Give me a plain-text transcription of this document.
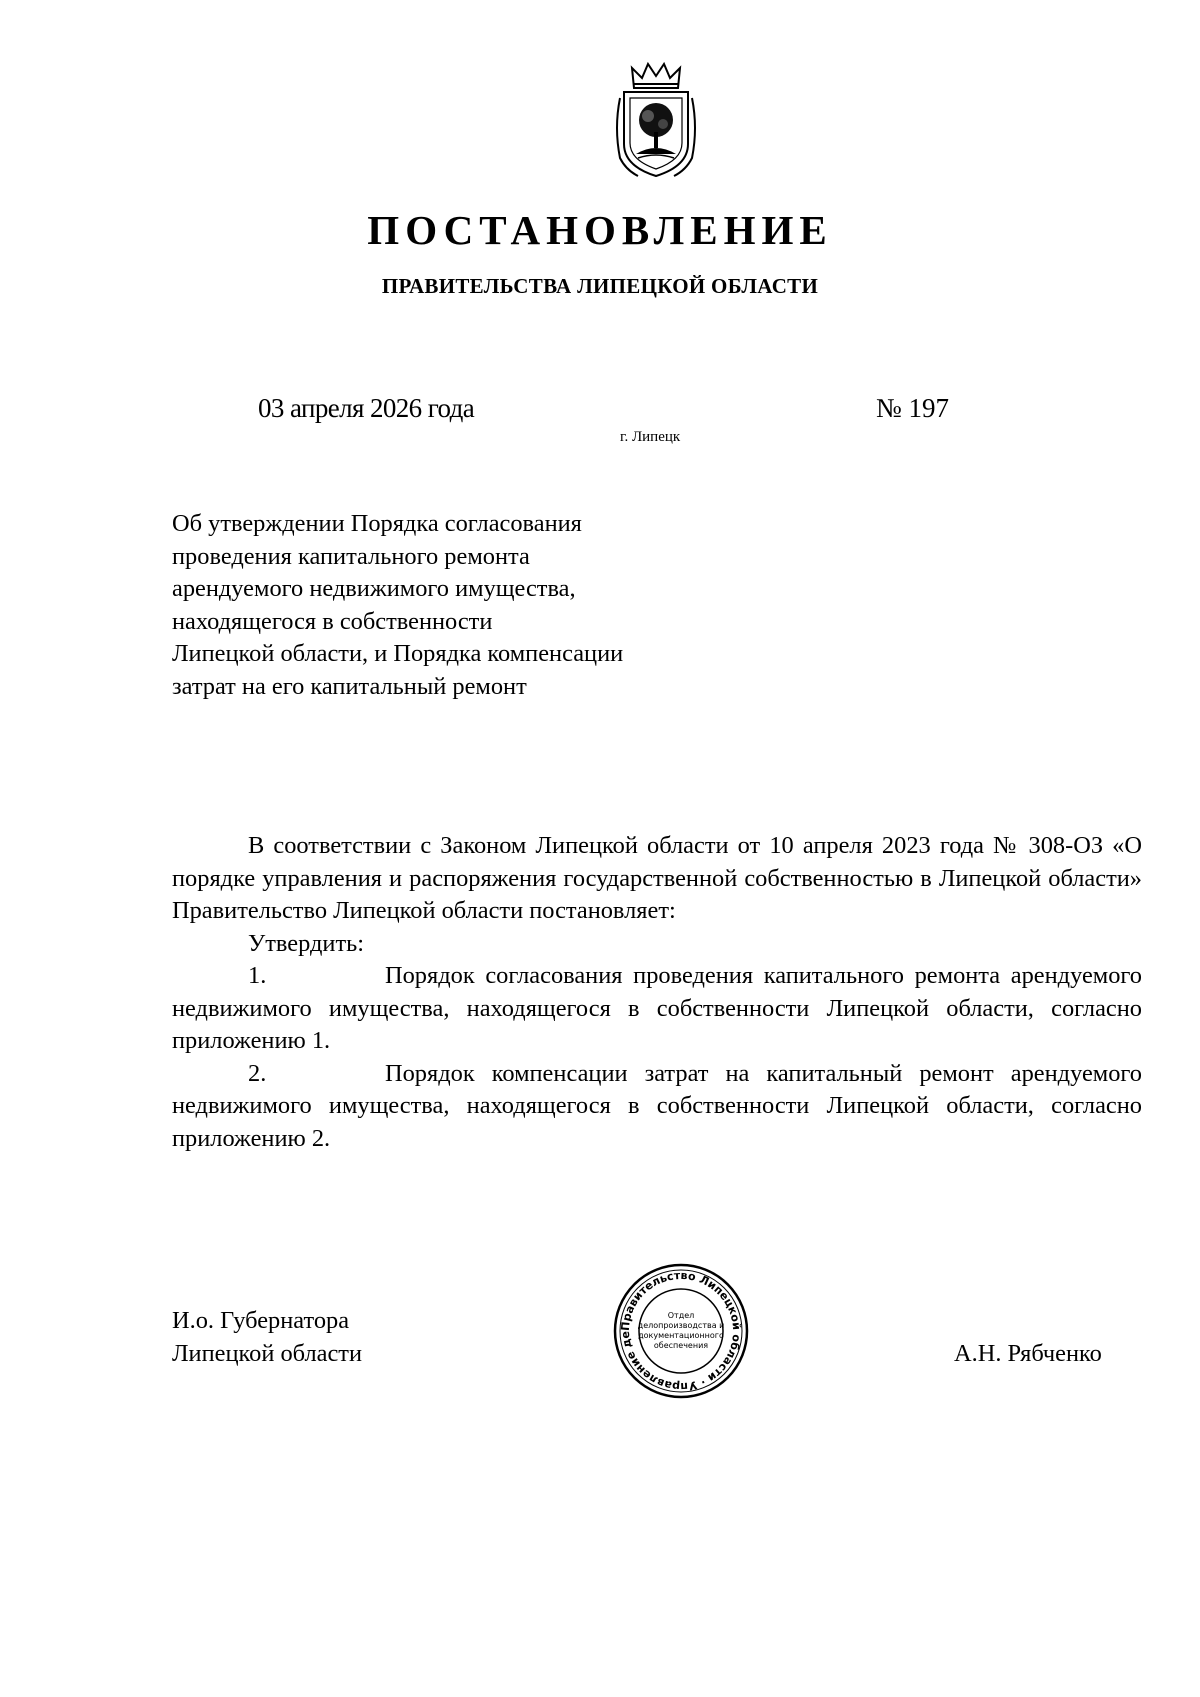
ПОСТАНОВЛЕНИЕ
ПРАВИТЕЛЬСТВА ЛИПЕЦКОЙ ОБЛАСТИ
03 апреля 2026 года	№ 197
г. Липецк
Об утверждении Порядка согласования
проведения капитального ремонта
арендуемого недвижимого имущества,
находящегося в собственности
Липецкой области, и Порядка компенсации
затрат на его капитальный ремонт

В соответствии с Законом Липецкой области от 10 апреля 2023 года № 308-ОЗ «О порядке управления и распоряжения государственной собственностью в Липецкой области» Правительство Липецкой области постановляет:

Утвердить:

1.	Порядок согласования проведения капитального ремонта арендуемого недвижимого имущества, находящегося в собственности Липецкой области, согласно приложению 1.

2.	Порядок компенсации затрат на капитальный ремонт арендуемого недвижимого имущества, находящегося в собственности Липецкой области, согласно приложению 2.

И.о. Губернатора
Липецкой области	А.Н. Рябченко
Правительство Липецкой области · Управление де
Отдел
делопроизводства и
документационного
обеспечения
